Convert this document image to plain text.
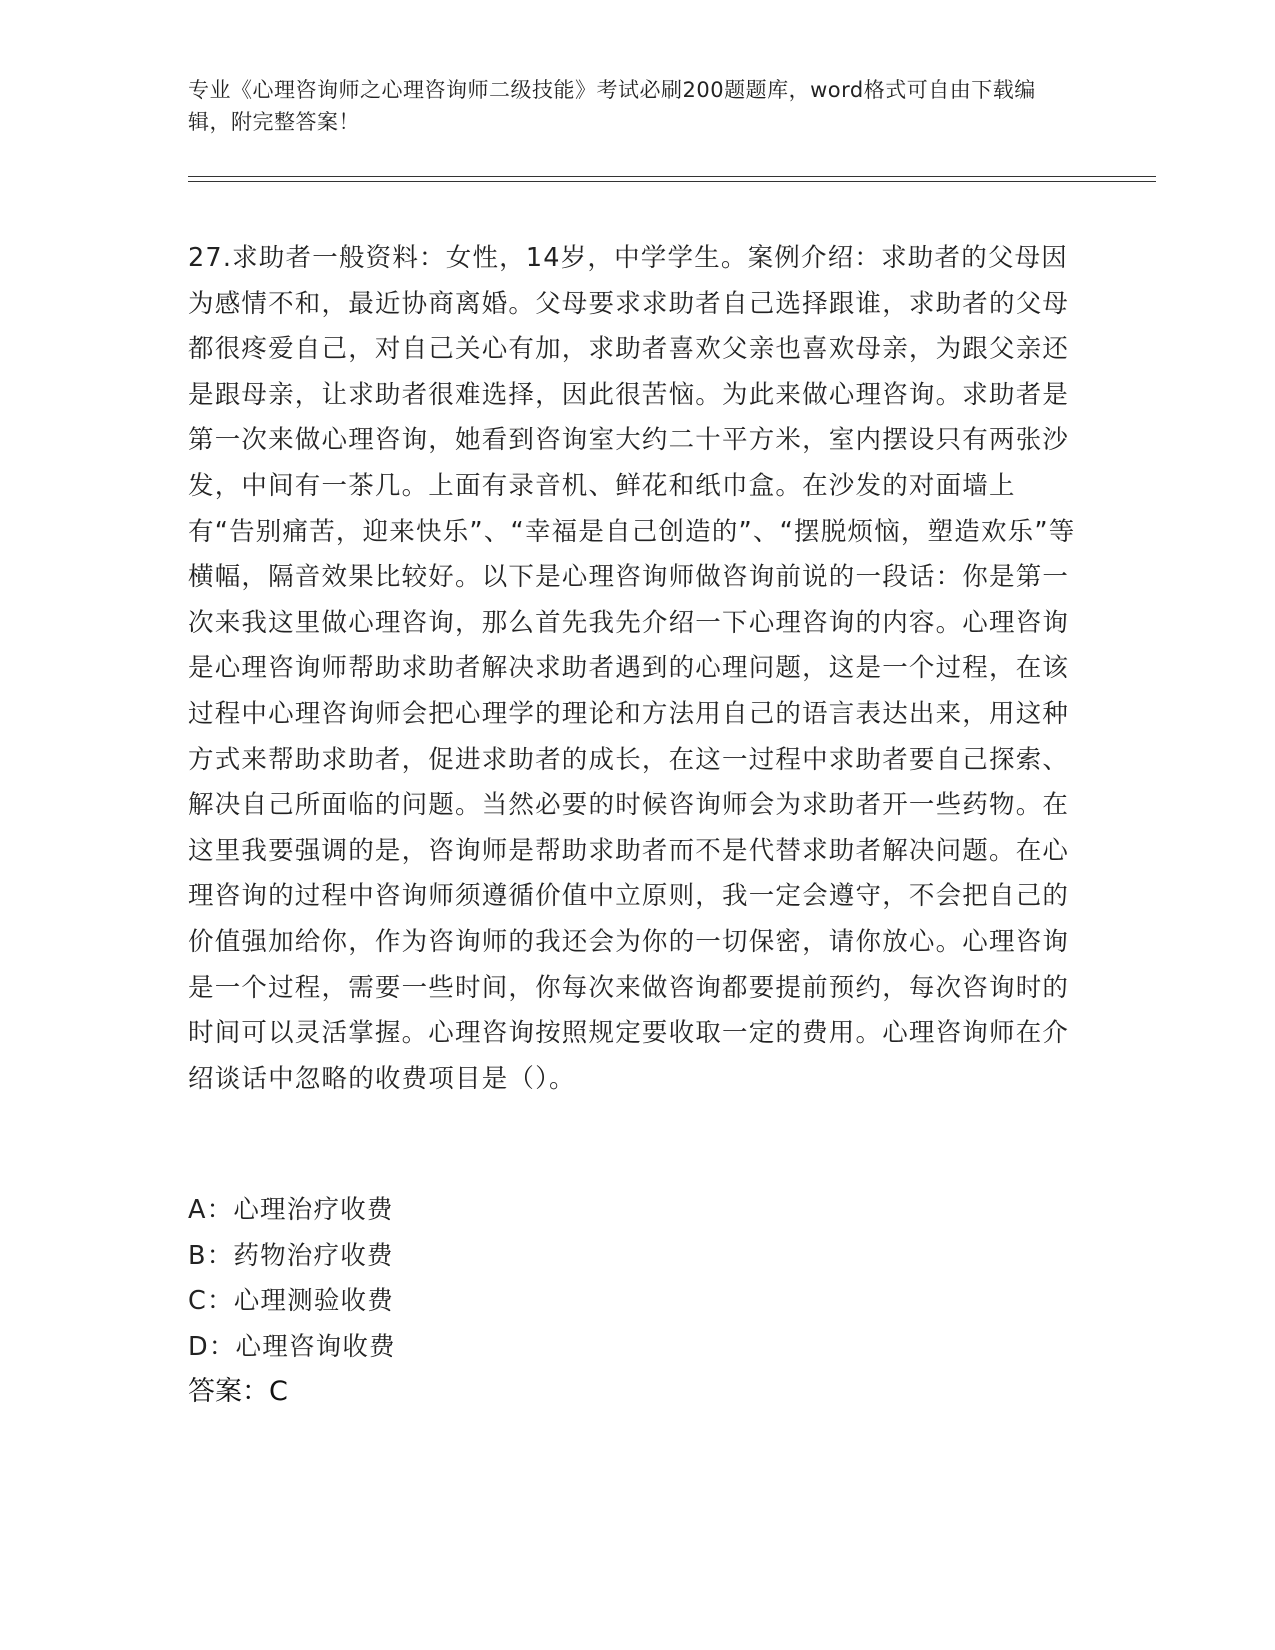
专业《心理咨询师之心理咨询师二级技能》考试必刷200题题库，word格式可自由下载编辑，附完整答案！
27.求助者一般资料：女性，14岁，中学学生。案例介绍：求助者的父母因为感情不和，最近协商离婚。父母要求求助者自己选择跟谁，求助者的父母都很疼爱自己，对自己关心有加，求助者喜欢父亲也喜欢母亲，为跟父亲还是跟母亲，让求助者很难选择，因此很苦恼。为此来做心理咨询。求助者是第一次来做心理咨询，她看到咨询室大约二十平方米，室内摆设只有两张沙发，中间有一茶几。上面有录音机、鲜花和纸巾盒。在沙发的对面墙上有“告别痛苦，迎来快乐”、“幸福是自己创造的”、“摆脱烦恼，塑造欢乐”等横幅，隔音效果比较好。以下是心理咨询师做咨询前说的一段话：你是第一次来我这里做心理咨询，那么首先我先介绍一下心理咨询的内容。心理咨询是心理咨询师帮助求助者解决求助者遇到的心理问题，这是一个过程，在该过程中心理咨询师会把心理学的理论和方法用自己的语言表达出来，用这种方式来帮助求助者，促进求助者的成长，在这一过程中求助者要自己探索、解决自己所面临的问题。当然必要的时候咨询师会为求助者开一些药物。在这里我要强调的是，咨询师是帮助求助者而不是代替求助者解决问题。在心理咨询的过程中咨询师须遵循价值中立原则，我一定会遵守，不会把自己的价值强加给你，作为咨询师的我还会为你的一切保密，请你放心。心理咨询是一个过程，需要一些时间，你每次来做咨询都要提前预约，每次咨询时的时间可以灵活掌握。心理咨询按照规定要收取一定的费用。心理咨询师在介绍谈话中忽略的收费项目是（）。
A： 心理治疗收费
B： 药物治疗收费
C： 心理测验收费
D： 心理咨询收费
答案：C
